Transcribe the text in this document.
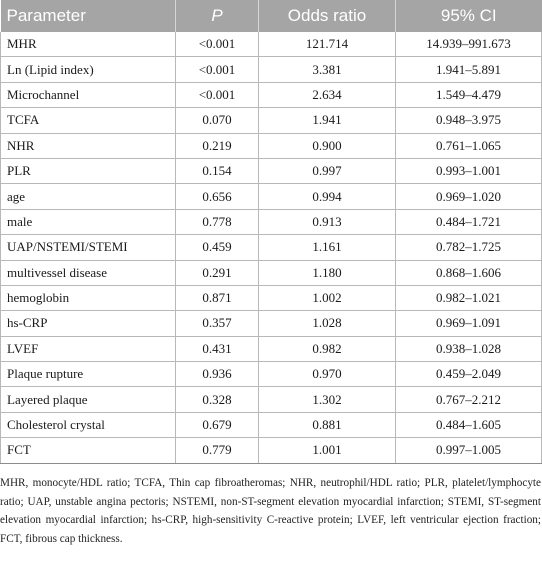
Parameter	P	Odds ratio	95% CI
MHR	<0.001	121.714	14.939–991.673
Ln (Lipid index)	<0.001	3.381	1.941–5.891
Microchannel	<0.001	2.634	1.549–4.479
TCFA	0.070	1.941	0.948–3.975
NHR	0.219	0.900	0.761–1.065
PLR	0.154	0.997	0.993–1.001
age	0.656	0.994	0.969–1.020
male	0.778	0.913	0.484–1.721
UAP/NSTEMI/STEMI	0.459	1.161	0.782–1.725
multivessel disease	0.291	1.180	0.868–1.606
hemoglobin	0.871	1.002	0.982–1.021
hs-CRP	0.357	1.028	0.969–1.091
LVEF	0.431	0.982	0.938–1.028
Plaque rupture	0.936	0.970	0.459–2.049
Layered plaque	0.328	1.302	0.767–2.212
Cholesterol crystal	0.679	0.881	0.484–1.605
FCT	0.779	1.001	0.997–1.005

MHR, monocyte/HDL ratio; TCFA, Thin cap fibroatheromas; NHR, neutrophil/HDL ratio; PLR, platelet/lymphocyte ratio; UAP, unstable angina pectoris; NSTEMI, non-ST-segment elevation myocardial infarction; STEMI, ST-segment elevation myocardial infarction; hs-CRP, high-sensitivity C-reactive protein; LVEF, left ventricular ejection fraction; FCT, fibrous cap thickness.
